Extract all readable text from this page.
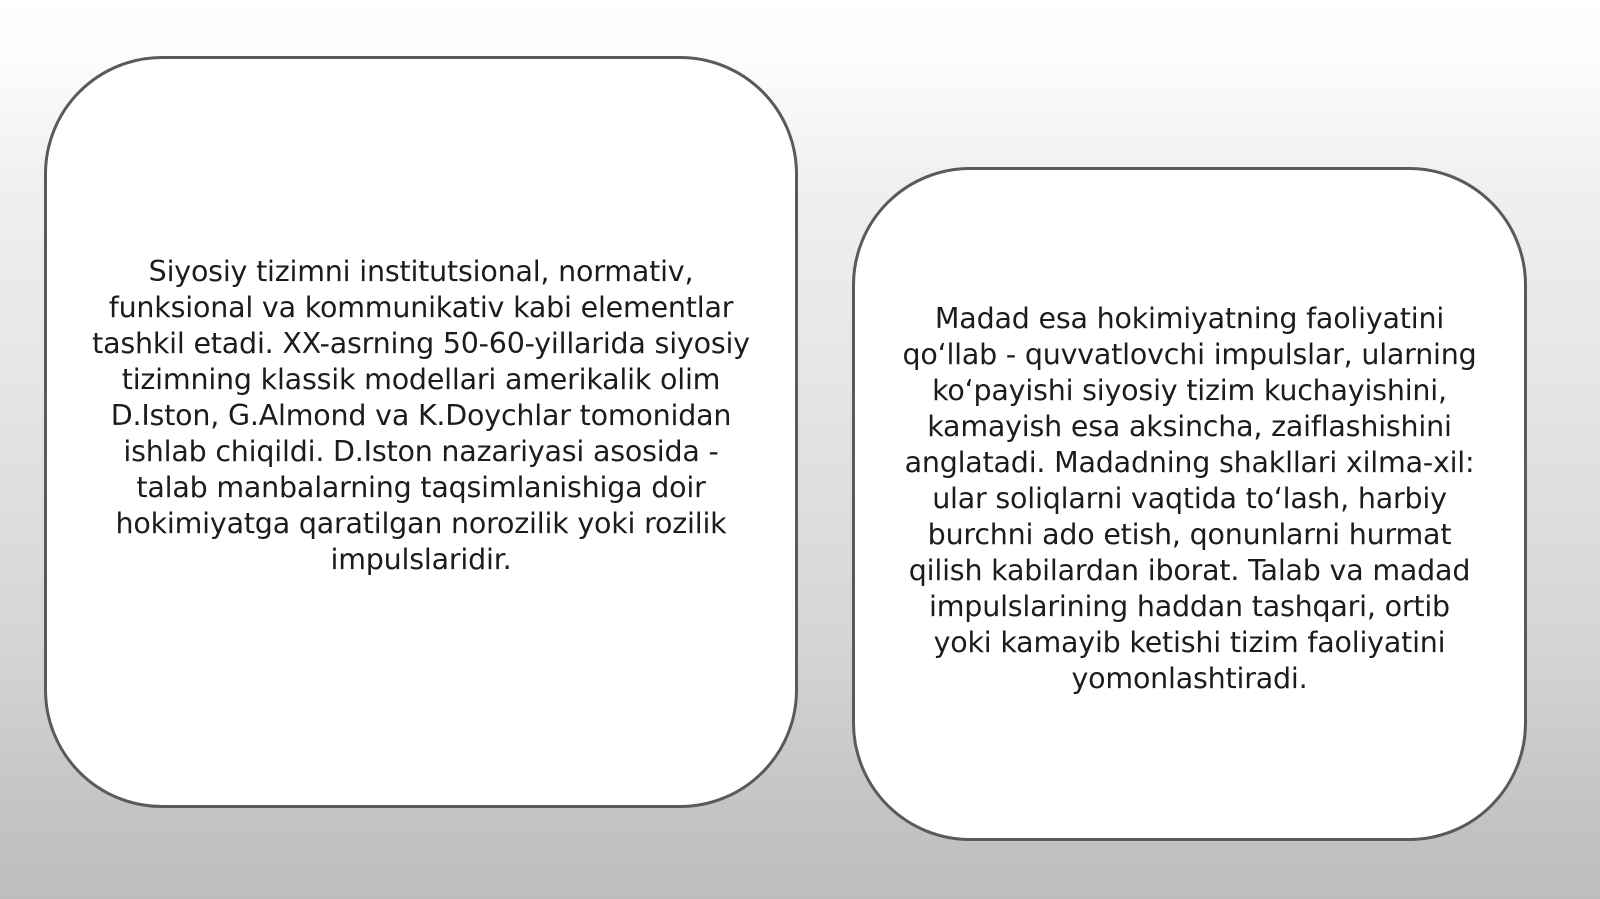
Siyosiy tizimni institutsional, normativ, funksional va kommunikativ kabi elementlar tashkil etadi. XX-asrning 50-60-yillarida siyosiy tizimning klassik modellari amerikalik olim D.Iston, G.Almond va K.Doychlar tomonidan ishlab chiqildi. D.Iston nazariyasi asosida - talab manbalarning taqsimlanishiga doir hokimiyatga qaratilgan norozilik yoki rozilik impulslaridir.
Madad esa hokimiyatning faoliyatini qo‘llab - quvvatlovchi impulslar, ularning ko‘payishi siyosiy tizim kuchayishini, kamayish esa aksincha, zaiflashishini anglatadi. Madadning shakllari xilma-xil: ular soliqlarni vaqtida to‘lash, harbiy burchni ado etish, qonunlarni hurmat qilish kabilardan iborat. Talab va madad impulslarining haddan tashqari, ortib yoki kamayib ketishi tizim faoliyatini yomonlashtiradi.
